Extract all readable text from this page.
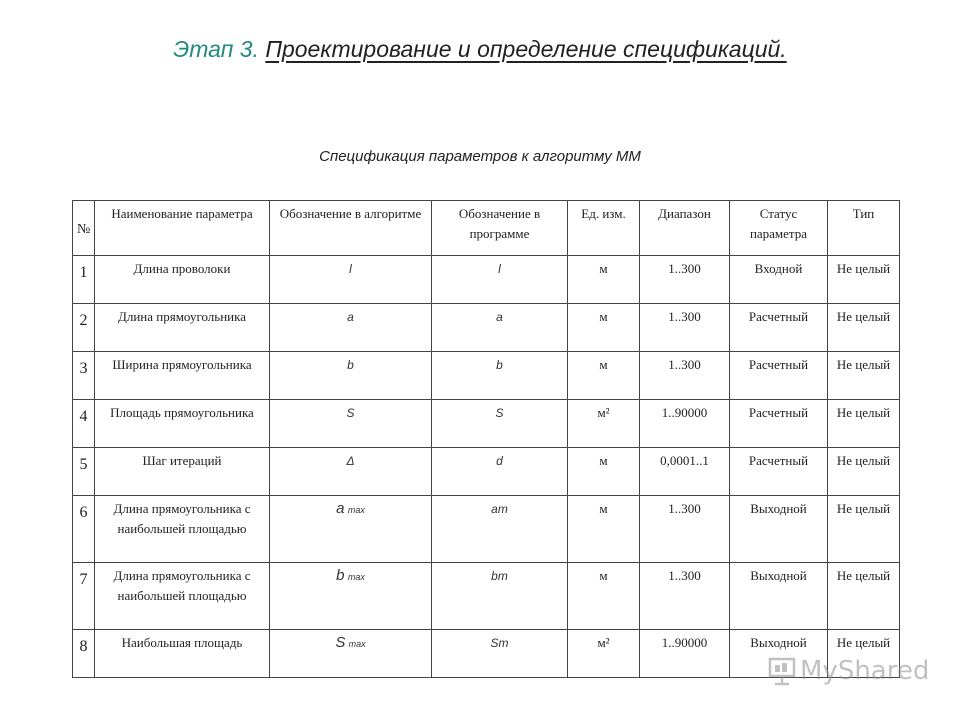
Этап 3. Проектирование и определение спецификаций.
Спецификация параметров к алгоритму ММ
№	Наименование параметра	Обозначение в алгоритме	Обозначение в программе	Ед. изм.	Диапазон	Статус параметра	Тип
1	Длина проволоки	l	l	м	1..300	Входной	Не целый
2	Длина прямоугольника	a	a	м	1..300	Расчетный	Не целый
3	Ширина прямоугольника	b	b	м	1..300	Расчетный	Не целый
4	Площадь прямоугольника	S	S	м²	1..90000	Расчетный	Не целый
5	Шаг итераций	Δ	d	м	0,0001..1	Расчетный	Не целый
6	Длина прямоугольника с наибольшей площадью	a max	am	м	1..300	Выходной	Не целый
7	Длина прямоугольника с наибольшей площадью	b max	bm	м	1..300	Выходной	Не целый
8	Наибольшая площадь	S max	Sm	м²	1..90000	Выходной	Не целый
MyShared
